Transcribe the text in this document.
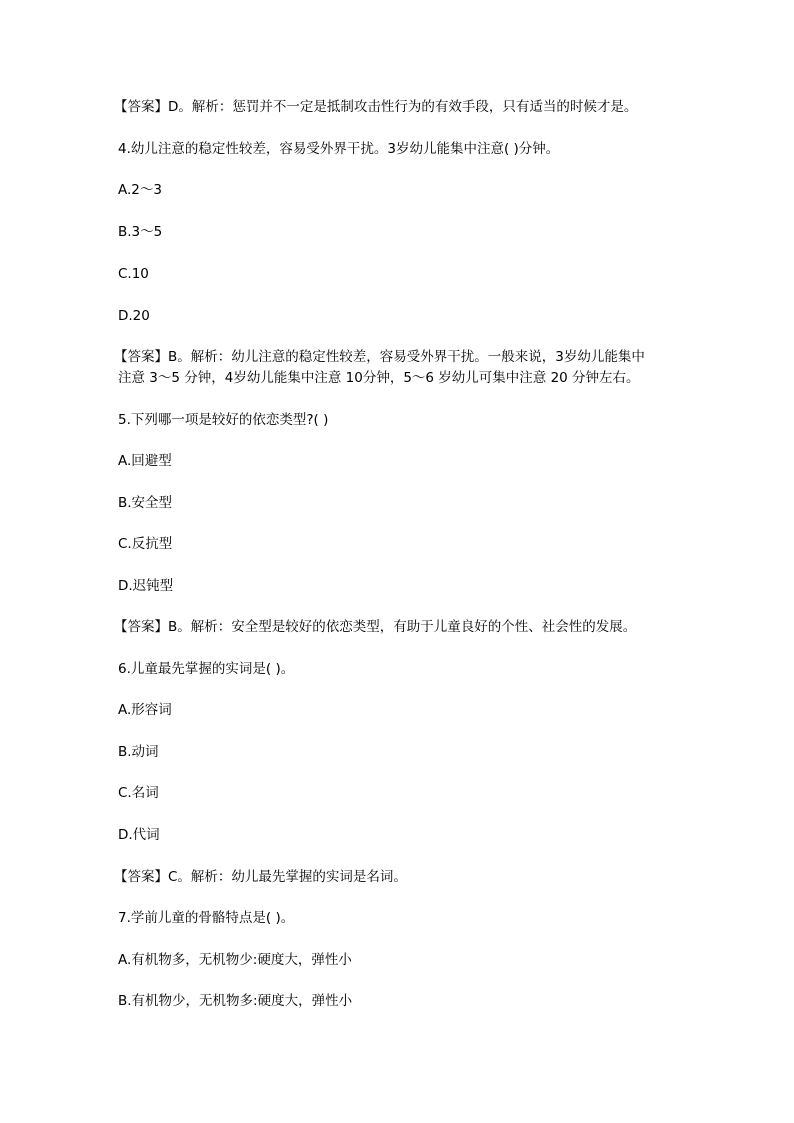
【答案】D。解析：惩罚并不一定是抵制攻击性行为的有效手段，只有适当的时候才是。
4.幼儿注意的稳定性较差，容易受外界干扰。3岁幼儿能集中注意( )分钟。
A.2～3
B.3～5
C.10
D.20
【答案】B。解析：幼儿注意的稳定性较差，容易受外界干扰。一般来说，3岁幼儿能集中
注意 3～5 分钟，4岁幼儿能集中注意 10分钟，5～6 岁幼儿可集中注意 20 分钟左右。
5.下列哪一项是较好的依恋类型?( )
A.回避型
B.安全型
C.反抗型
D.迟钝型
【答案】B。解析：安全型是较好的依恋类型，有助于儿童良好的个性、社会性的发展。
6.儿童最先掌握的实词是( )。
A.形容词
B.动词
C.名词
D.代词
【答案】C。解析：幼儿最先掌握的实词是名词。
7.学前儿童的骨骼特点是( )。
A.有机物多，无机物少:硬度大，弹性小
B.有机物少，无机物多:硬度大，弹性小
